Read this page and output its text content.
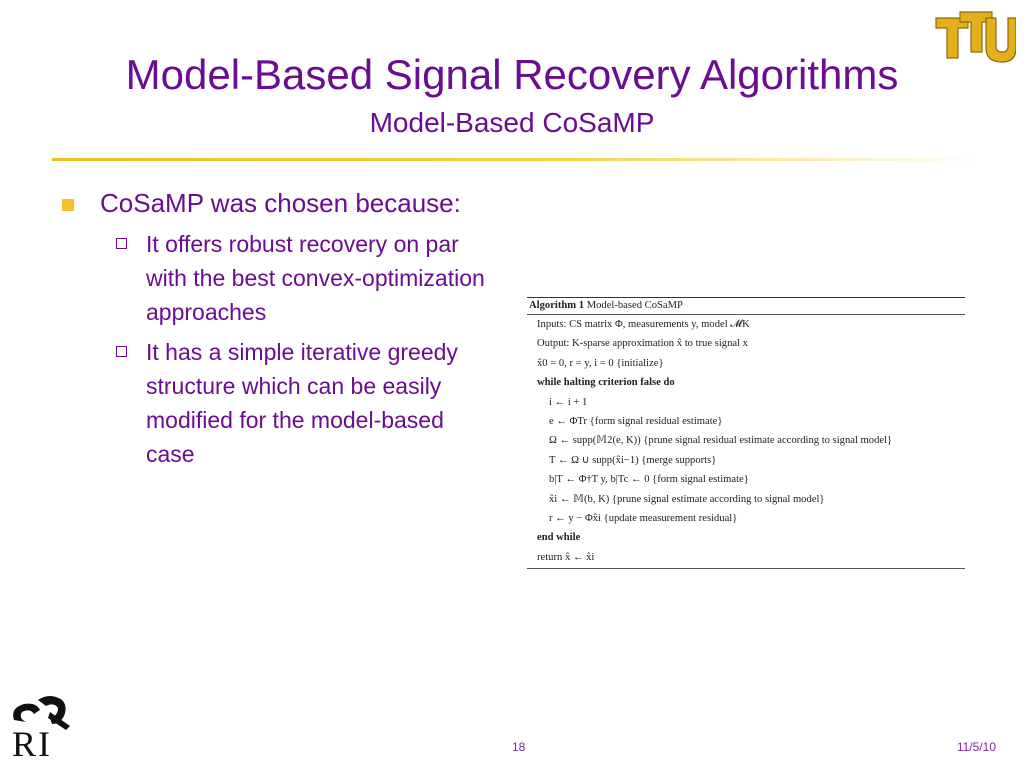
Model-Based Signal Recovery Algorithms
Model-Based CoSaMP
CoSaMP was chosen because:
It offers robust recovery on par with the best convex-optimization approaches
It has a simple iterative greedy structure which can be easily modified for the model-based case
Algorithm 1 Model-based CoSaMP
Inputs: CS matrix Φ, measurements y, model 𝓜K
Output: K-sparse approximation x̂ to true signal x
x̂0 = 0, r = y, i = 0 {initialize}
while halting criterion false do
i ← i + 1
e ← ΦTr {form signal residual estimate}
Ω ← supp(𝕄2(e, K)) {prune signal residual estimate according to signal model}
T ← Ω ∪ supp(x̂i−1) {merge supports}
b|T ← Φ†T y, b|Tc ← 0 {form signal estimate}
x̂i ← 𝕄(b, K) {prune signal estimate according to signal model}
r ← y − Φx̂i {update measurement residual}
end while
return x̂ ← x̂i
R I	18	11/5/10
